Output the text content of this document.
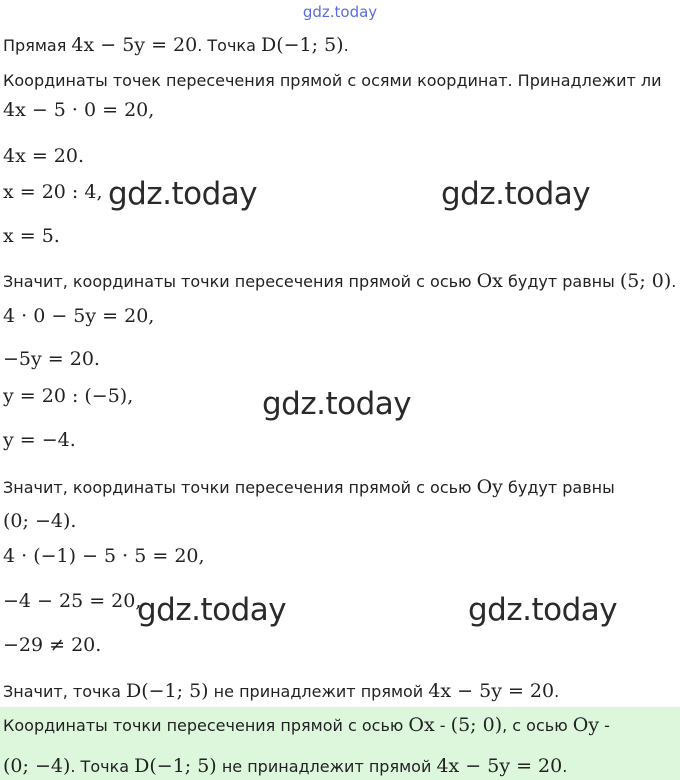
gdz.today
Прямая 4x − 5y = 20. Точка D(−1; 5).
Координаты точек пересечения прямой с осями координат. Принадлежит ли
4x − 5 · 0 = 20,
4x = 20.
x = 20 : 4,
x = 5.
Значит, координаты точки пересечения прямой с осью Ox будут равны (5; 0).
4 · 0 − 5y = 20,
−5y = 20.
y = 20 : (−5),
y = −4.
Значит, координаты точки пересечения прямой с осью Oy будут равны
(0; −4).
4 · (−1) − 5 · 5 = 20,
−4 − 25 = 20,
−29 ≠ 20.
Значит, точка D(−1; 5) не принадлежит прямой 4x − 5y = 20.
Координаты точки пересечения прямой с осью Ox - (5; 0), с осью Oy -
(0; −4). Точка D(−1; 5) не принадлежит прямой 4x − 5y = 20.
gdz.today	gdz.today
gdz.today
gdz.today	gdz.today
